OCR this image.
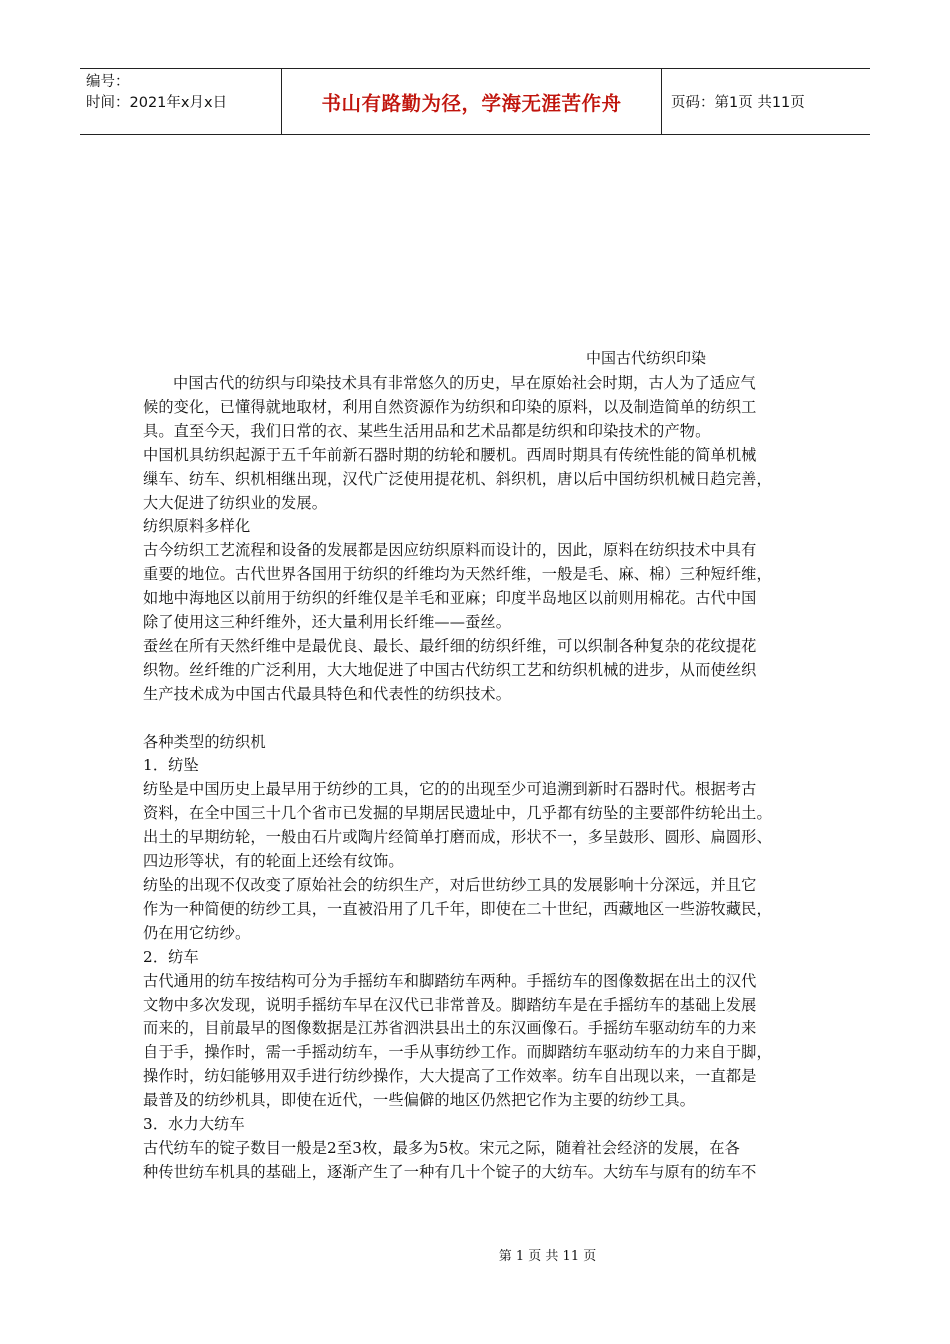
编号：
时间：2021年x月x日	书山有路勤为径，学海无涯苦作舟	页码：第1页 共11页
中国古代纺织印染
中国古代的纺织与印染技术具有非常悠久的历史，早在原始社会时期，古人为了适应气
候的变化，已懂得就地取材，利用自然资源作为纺织和印染的原料，以及制造简单的纺织工
具。直至今天，我们日常的衣、某些生活用品和艺术品都是纺织和印染技术的产物。
中国机具纺织起源于五千年前新石器时期的纺轮和腰机。西周时期具有传统性能的简单机械
缫车、纺车、织机相继出现，汉代广泛使用提花机、斜织机，唐以后中国纺织机械日趋完善，
大大促进了纺织业的发展。
纺织原料多样化
古今纺织工艺流程和设备的发展都是因应纺织原料而设计的，因此，原料在纺织技术中具有
重要的地位。古代世界各国用于纺织的纤维均为天然纤维，一般是毛、麻、棉）三种短纤维，
如地中海地区以前用于纺织的纤维仅是羊毛和亚麻；印度半岛地区以前则用棉花。古代中国
除了使用这三种纤维外，还大量利用长纤维——蚕丝。
蚕丝在所有天然纤维中是最优良、最长、最纤细的纺织纤维，可以织制各种复杂的花纹提花
织物。丝纤维的广泛利用，大大地促进了中国古代纺织工艺和纺织机械的进步，从而使丝织
生产技术成为中国古代最具特色和代表性的纺织技术。
各种类型的纺织机
1．纺坠
纺坠是中国历史上最早用于纺纱的工具，它的的出现至少可追溯到新时石器时代。根据考古
资料，在全中国三十几个省市已发掘的早期居民遗址中，几乎都有纺坠的主要部件纺轮出土。
出土的早期纺轮，一般由石片或陶片经简单打磨而成，形状不一，多呈鼓形、圆形、扁圆形、
四边形等状，有的轮面上还绘有纹饰。
纺坠的出现不仅改变了原始社会的纺织生产，对后世纺纱工具的发展影响十分深远，并且它
作为一种简便的纺纱工具，一直被沿用了几千年，即使在二十世纪，西藏地区一些游牧藏民，
仍在用它纺纱。
2．纺车
古代通用的纺车按结构可分为手摇纺车和脚踏纺车两种。手摇纺车的图像数据在出土的汉代
文物中多次发现，说明手摇纺车早在汉代已非常普及。脚踏纺车是在手摇纺车的基础上发展
而来的，目前最早的图像数据是江苏省泗洪县出土的东汉画像石。手摇纺车驱动纺车的力来
自于手，操作时，需一手摇动纺车，一手从事纺纱工作。而脚踏纺车驱动纺车的力来自于脚，
操作时，纺妇能够用双手进行纺纱操作，大大提高了工作效率。纺车自出现以来，一直都是
最普及的纺纱机具，即使在近代，一些偏僻的地区仍然把它作为主要的纺纱工具。
3．水力大纺车
古代纺车的锭子数目一般是2至3枚，最多为5枚。宋元之际，随着社会经济的发展，在各
种传世纺车机具的基础上，逐渐产生了一种有几十个锭子的大纺车。大纺车与原有的纺车不
第 1 页 共 11 页
